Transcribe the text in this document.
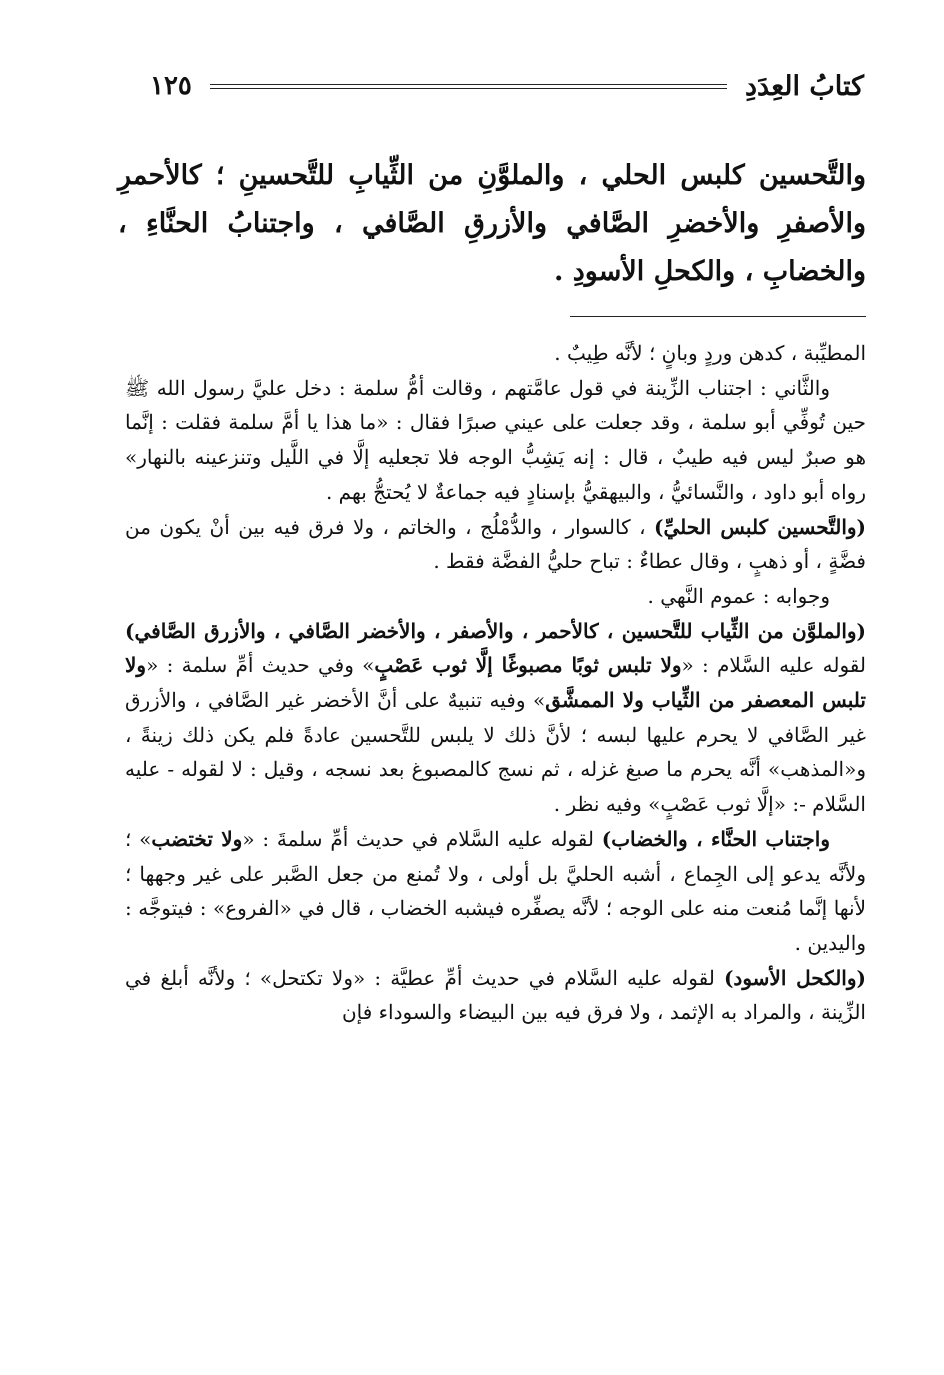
كتابُ العِدَدِ
١٢٥

والتَّحسين كلبس الحلي ، والملوَّنِ من الثِّيابِ للتَّحسينِ ؛ كالأحمرِ والأصفرِ والأخضرِ الصَّافي والأزرقِ الصَّافي ، واجتنابُ الحنَّاءِ ، والخضابِ ، والكحلِ الأسودِ .

المطيِّبة ، كدهن وردٍ وبانٍ ؛ لأنَّه طِيبٌ .

والثَّاني : اجتناب الزِّينة في قول عامَّتهم ، وقالت أمُّ سلمة : دخل عليَّ رسول الله ﷺ حين تُوفِّي أبو سلمة ، وقد جعلت على عيني صبرًا فقال : «ما هذا يا أمَّ سلمة فقلت : إنَّما هو صبرٌ ليس فيه طيبٌ ، قال : إنه يَشِبُّ الوجه فلا تجعليه إلَّا في اللَّيل وتنزعينه بالنهار» رواه أبو داود ، والنَّسائيُّ ، والبيهقيُّ بإسنادٍ فيه جماعةٌ لا يُحتجُّ بهم .

(والتَّحسين كلبس الحليِّ) ، كالسوار ، والدُّمْلُج ، والخاتم ، ولا فرق فيه بين أنْ يكون من فضَّةٍ ، أو ذهبٍ ، وقال عطاءٌ : تباح حليُّ الفضَّة فقط .

وجوابه : عموم النَّهي .

(والملوَّن من الثِّياب للتَّحسين ، كالأحمر ، والأصفر ، والأخضر الصَّافي ، والأزرق الصَّافي) لقوله عليه السَّلام : «ولا تلبس ثوبًا مصبوغًا إلَّا ثوب عَصْبٍ» وفي حديث أمِّ سلمة : «ولا تلبس المعصفر من الثِّياب ولا الممشَّق» وفيه تنبيهٌ على أنَّ الأخضر غير الصَّافي ، والأزرق غير الصَّافي لا يحرم عليها لبسه ؛ لأنَّ ذلك لا يلبس للتَّحسين عادةً فلم يكن ذلك زينةً ، و«المذهب» أنَّه يحرم ما صبغ غزله ، ثم نسج كالمصبوغ بعد نسجه ، وقيل : لا لقوله - عليه السَّلام -: «إلَّا ثوب عَصْبٍ» وفيه نظر .

واجتناب الحنَّاء ، والخضاب) لقوله عليه السَّلام في حديث أمِّ سلمةَ : «ولا تختضب» ؛ ولأنَّه يدعو إلى الجِماع ، أشبه الحليَّ بل أولى ، ولا تُمنع من جعل الصَّبر على غير وجهها ؛ لأنها إنَّما مُنعت منه على الوجه ؛ لأنَّه يصفِّره فيشبه الخضاب ، قال في «الفروع» : فيتوجَّه : واليدين .

(والكحل الأسود) لقوله عليه السَّلام في حديث أمِّ عطيَّة : «ولا تكتحل» ؛ ولأنَّه أبلغ في الزِّينة ، والمراد به الإثمد ، ولا فرق فيه بين البيضاء والسوداء فإن
